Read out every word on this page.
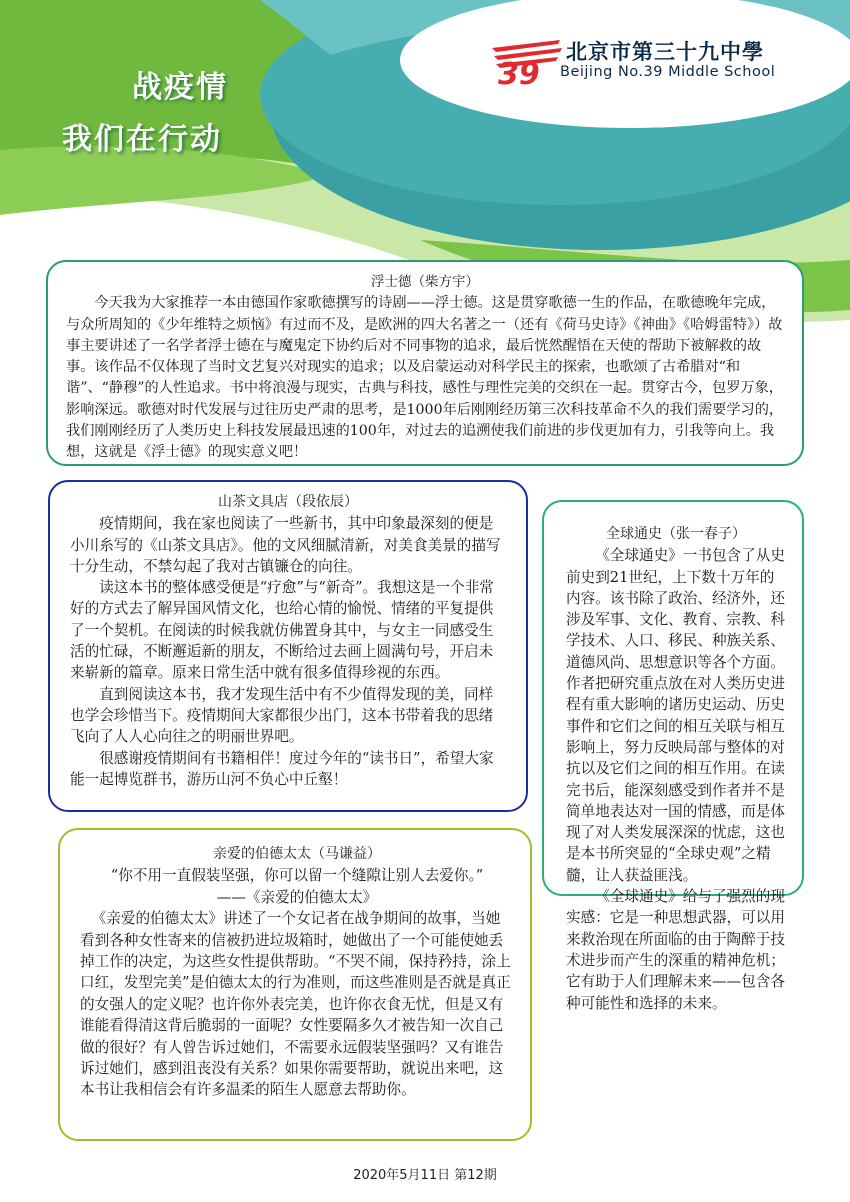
战疫情
我们在行动
39
北京市第三十九中學
Beijing No.39 Middle School

浮士德（柴方宇）

今天我为大家推荐一本由德国作家歌德撰写的诗剧——浮士德。这是贯穿歌德一生的作品，在歌德晚年完成，与众所周知的《少年维特之烦恼》有过而不及，是欧洲的四大名著之一（还有《荷马史诗》《神曲》《哈姆雷特》）故事主要讲述了一名学者浮士德在与魔鬼定下协约后对不同事物的追求，最后恍然醒悟在天使的帮助下被解救的故事。该作品不仅体现了当时文艺复兴对现实的追求；以及启蒙运动对科学民主的探索，也歌颂了古希腊对“和谐”、“静穆”的人性追求。书中将浪漫与现实，古典与科技，感性与理性完美的交织在一起。贯穿古今，包罗万象，影响深远。歌德对时代发展与过往历史严肃的思考，是1000年后刚刚经历第三次科技革命不久的我们需要学习的，我们刚刚经历了人类历史上科技发展最迅速的100年，对过去的追溯使我们前进的步伐更加有力，引我等向上。我想，这就是《浮士德》的现实意义吧！

山茶文具店（段依辰）

疫情期间，我在家也阅读了一些新书，其中印象最深刻的便是小川糸写的《山茶文具店》。他的文风细腻清新，对美食美景的描写十分生动，不禁勾起了我对古镇镰仓的向往。

读这本书的整体感受便是“疗愈”与“新奇”。我想这是一个非常好的方式去了解异国风情文化，也给心情的愉悦、情绪的平复提供了一个契机。在阅读的时候我就仿佛置身其中，与女主一同感受生活的忙碌，不断邂逅新的朋友，不断给过去画上圆满句号，开启未来崭新的篇章。原来日常生活中就有很多值得珍视的东西。

直到阅读这本书，我才发现生活中有不少值得发现的美，同样也学会珍惜当下。疫情期间大家都很少出门，这本书带着我的思绪飞向了人人心向往之的明丽世界吧。

很感谢疫情期间有书籍相伴！度过今年的“读书日”，希望大家能一起博览群书，游历山河不负心中丘壑！

全球通史（张一春子）

《全球通史》一书包含了从史前史到21世纪，上下数十万年的内容。该书除了政治、经济外，还涉及军事、文化、教育、宗教、科学技术、人口、移民、种族关系、道德风尚、思想意识等各个方面。作者把研究重点放在对人类历史进程有重大影响的诸历史运动、历史事件和它们之间的相互关联与相互影响上，努力反映局部与整体的对抗以及它们之间的相互作用。在读完书后，能深刻感受到作者并不是简单地表达对一国的情感，而是体现了对人类发展深深的忧虑，这也是本书所突显的“全球史观”之精髓，让人获益匪浅。

《全球通史》给与了强烈的现实感：它是一种思想武器，可以用来救治现在所面临的由于陶醉于技术进步而产生的深重的精神危机；它有助于人们理解未来——包含各种可能性和选择的未来。

亲爱的伯德太太（马谦益）

“你不用一直假装坚强，你可以留一个缝隙让别人去爱你。”

——《亲爱的伯德太太》

《亲爱的伯德太太》讲述了一个女记者在战争期间的故事，当她看到各种女性寄来的信被扔进垃圾箱时，她做出了一个可能使她丢掉工作的决定，为这些女性提供帮助。“不哭不闹，保持矜持，涂上口红，发型完美”是伯德太太的行为准则，而这些准则是否就是真正的女强人的定义呢？也许你外表完美，也许你衣食无忧，但是又有谁能看得清这背后脆弱的一面呢？女性要隔多久才被告知一次自己做的很好？有人曾告诉过她们，不需要永远假装坚强吗？又有谁告诉过她们，感到沮丧没有关系？如果你需要帮助，就说出来吧，这本书让我相信会有许多温柔的陌生人愿意去帮助你。

2020年5月11日 第12期
